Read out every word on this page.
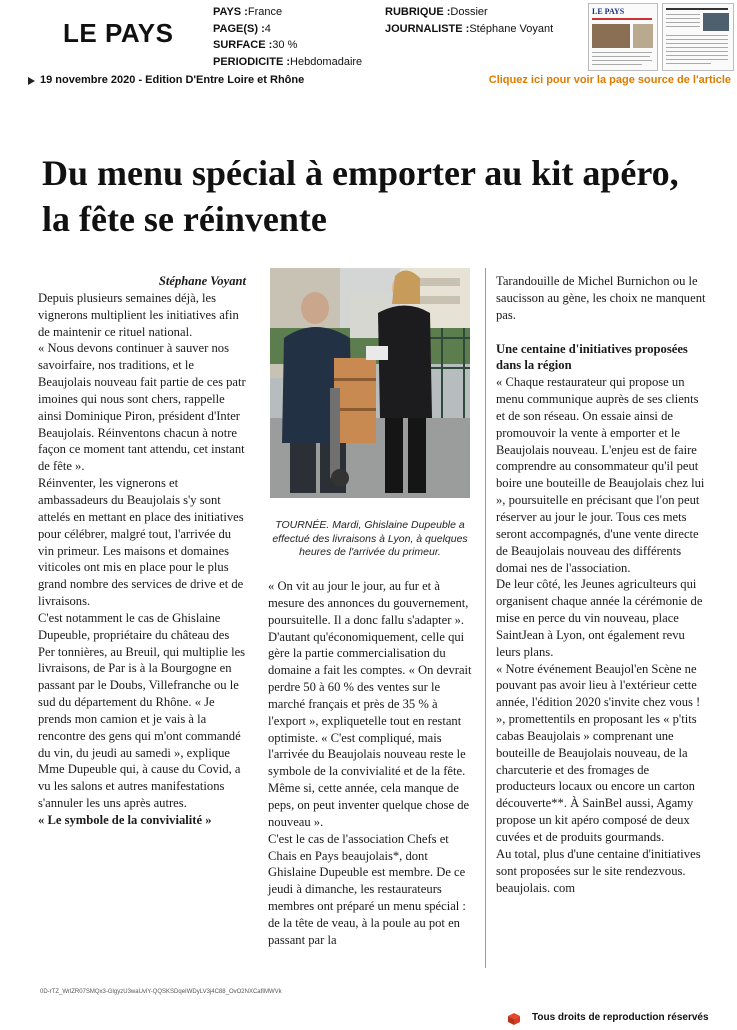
LE PAYS
PAYS :France
PAGE(S) :4
SURFACE :30 %
PERIODICITE :Hebdomadaire
RUBRIQUE :Dossier
JOURNALISTE :Stéphane Voyant
LE PAYS
19 novembre 2020 - Edition D'Entre Loire et Rhône	Cliquez ici pour voir la page source de l'article
Du menu spécial à emporter au kit apéro, la fête se réinvente

Stéphane Voyant

Depuis plusieurs semaines déjà, les vignerons multiplient les initiatives afin de maintenir ce rituel national.

« Nous devons continuer à sauver nos savoirfaire, nos traditions, et le Beaujolais nouveau fait partie de ces patr imoines qui nous sont chers, rappelle ainsi Dominique Piron, président d'Inter Beaujolais. Réinventons chacun à notre façon ce moment tant attendu, cet instant de fête ».

Réinventer, les vignerons et ambassadeurs du Beaujolais s'y sont attelés en mettant en place des initiatives pour célébrer, malgré tout, l'arrivée du vin primeur. Les maisons et domaines viticoles ont mis en place pour le plus grand nombre des services de drive et de livraisons.

C'est notamment le cas de Ghislaine Dupeuble, propriétaire du château des Per tonnières, au Breuil, qui multiplie les livraisons, de Par is à la Bourgogne en passant par le Doubs, Villefranche ou le sud du département du Rhône. « Je prends mon camion et je vais à la rencontre des gens qui m'ont commandé du vin, du jeudi au samedi », explique Mme Dupeuble qui, à cause du Covid, a vu les salons et autres manifestations s'annuler les uns après autres.

« Le symbole de la convivialité »

TOURNÉE. Mardi, Ghislaine Dupeuble a effectué des livraisons à Lyon, à quelques heures de l'arrivée du primeur.

« On vit au jour le jour, au fur et à mesure des annonces du gouvernement, poursuitelle. Il a donc fallu s'adapter ». D'autant qu'économiquement, celle qui gère la partie commercialisation du domaine a fait les comptes. « On devrait perdre 50 à 60 % des ventes sur le marché français et près de 35 % à l'export », expliquetelle tout en restant optimiste. « C'est compliqué, mais l'arrivée du Beaujolais nouveau reste le symbole de la convivialité et de la fête. Même si, cette année, cela manque de peps, on peut inventer quelque chose de nouveau ».

C'est le cas de l'association Chefs et Chais en Pays beaujolais*, dont Ghislaine Dupeuble est membre. De ce jeudi à dimanche, les restaurateurs membres ont préparé un menu spécial : de la tête de veau, à la poule au pot en passant par la

Tarandouille de Michel Burnichon ou le saucisson au gène, les choix ne manquent pas.

Une centaine d'initiatives proposées dans la région

« Chaque restaurateur qui propose un menu communique auprès de ses clients et de son réseau. On essaie ainsi de promouvoir la vente à emporter et le Beaujolais nouveau. L'enjeu est de faire comprendre au consommateur qu'il peut boire une bouteille de Beaujolais chez lui », poursuitelle en précisant que l'on peut réserver au jour le jour. Tous ces mets seront accompagnés, d'une vente directe de Beaujolais nouveau des différents domai nes de l'association.

De leur côté, les Jeunes agriculteurs qui organisent chaque année la cérémonie de mise en perce du vin nouveau, place SaintJean à Lyon, ont également revu leurs plans.

« Notre événement Beaujol'en Scène ne pouvant pas avoir lieu à l'extérieur cette année, l'édition 2020 s'invite chez vous ! », promettentils en proposant les « p'tits cabas Beaujolais » comprenant une bouteille de Beaujolais nouveau, de la charcuterie et des fromages de producteurs locaux ou encore un carton découverte**. À SainBel aussi, Agamy propose un kit apéro composé de deux cuvées et de produits gourmands.

Au total, plus d'une centaine d'initiatives sont proposées sur le site rendezvous. beaujolais. com

0D-rTZ_WrlZR07SMQx3-GlgyzU3waUvlY-QQSKSDqeIWDyLV3j4C88_OvO2NXCafIMWVk
Tous droits de reproduction réservés
